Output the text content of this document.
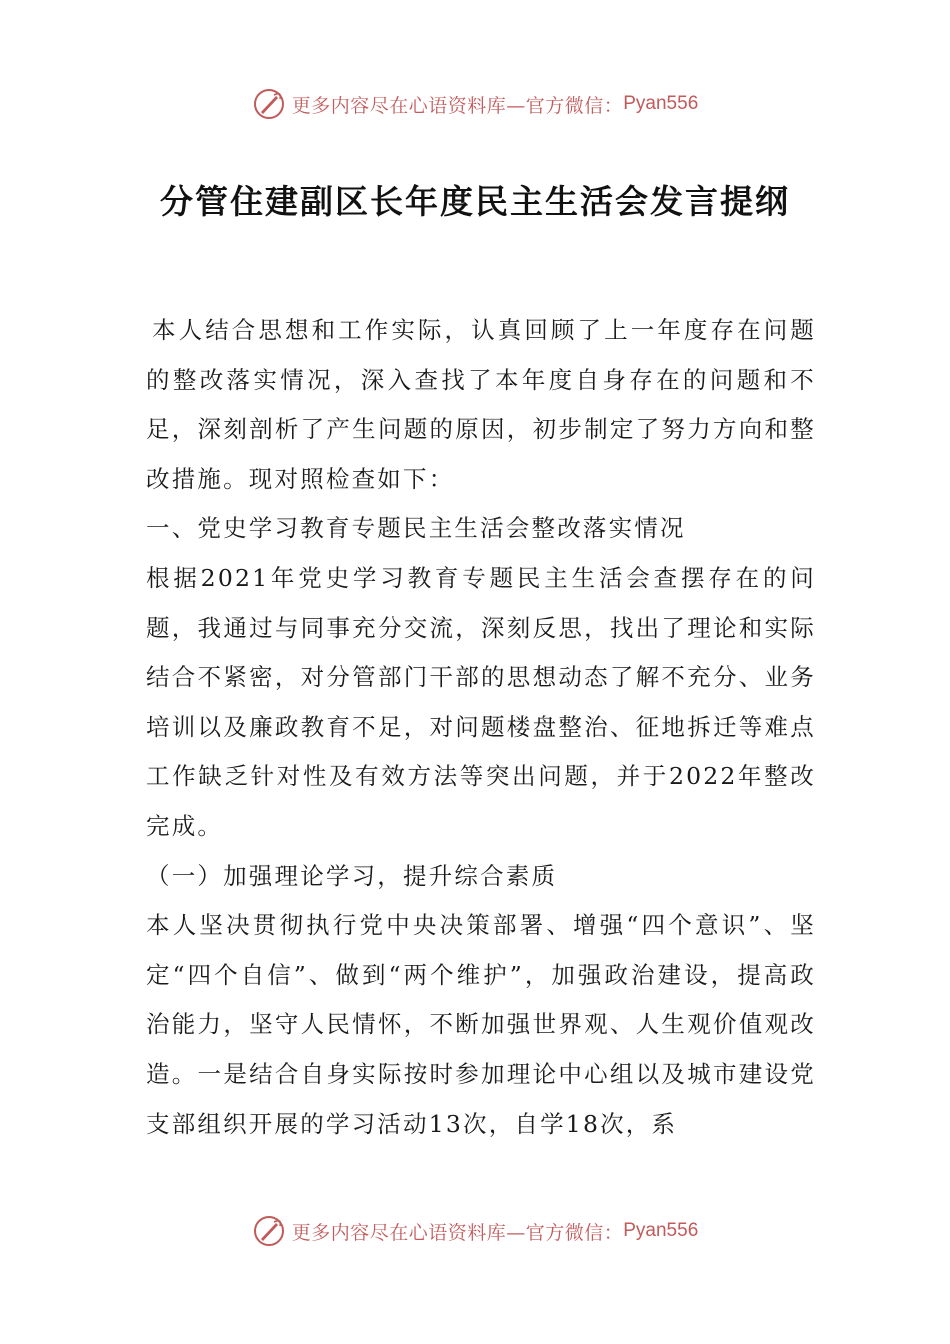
更多内容尽在心语资料库—官方微信： Pyan556
分管住建副区长年度民主生活会发言提纲

本人结合思想和工作实际，认真回顾了上一年度存在问题的整改落实情况，深入查找了本年度自身存在的问题和不足，深刻剖析了产生问题的原因，初步制定了努力方向和整改措施。现对照检查如下：

一、党史学习教育专题民主生活会整改落实情况

根据2021年党史学习教育专题民主生活会查摆存在的问题，我通过与同事充分交流，深刻反思，找出了理论和实际结合不紧密，对分管部门干部的思想动态了解不充分、业务培训以及廉政教育不足，对问题楼盘整治、征地拆迁等难点工作缺乏针对性及有效方法等突出问题，并于2022年整改完成。

（一）加强理论学习，提升综合素质

本人坚决贯彻执行党中央决策部署、增强“四个意识”、坚定“四个自信”、做到“两个维护”，加强政治建设，提高政治能力，坚守人民情怀，不断加强世界观、人生观价值观改造。一是结合自身实际按时参加理论中心组以及城市建设党支部组织开展的学习活动13次，自学18次，系

更多内容尽在心语资料库—官方微信： Pyan556
